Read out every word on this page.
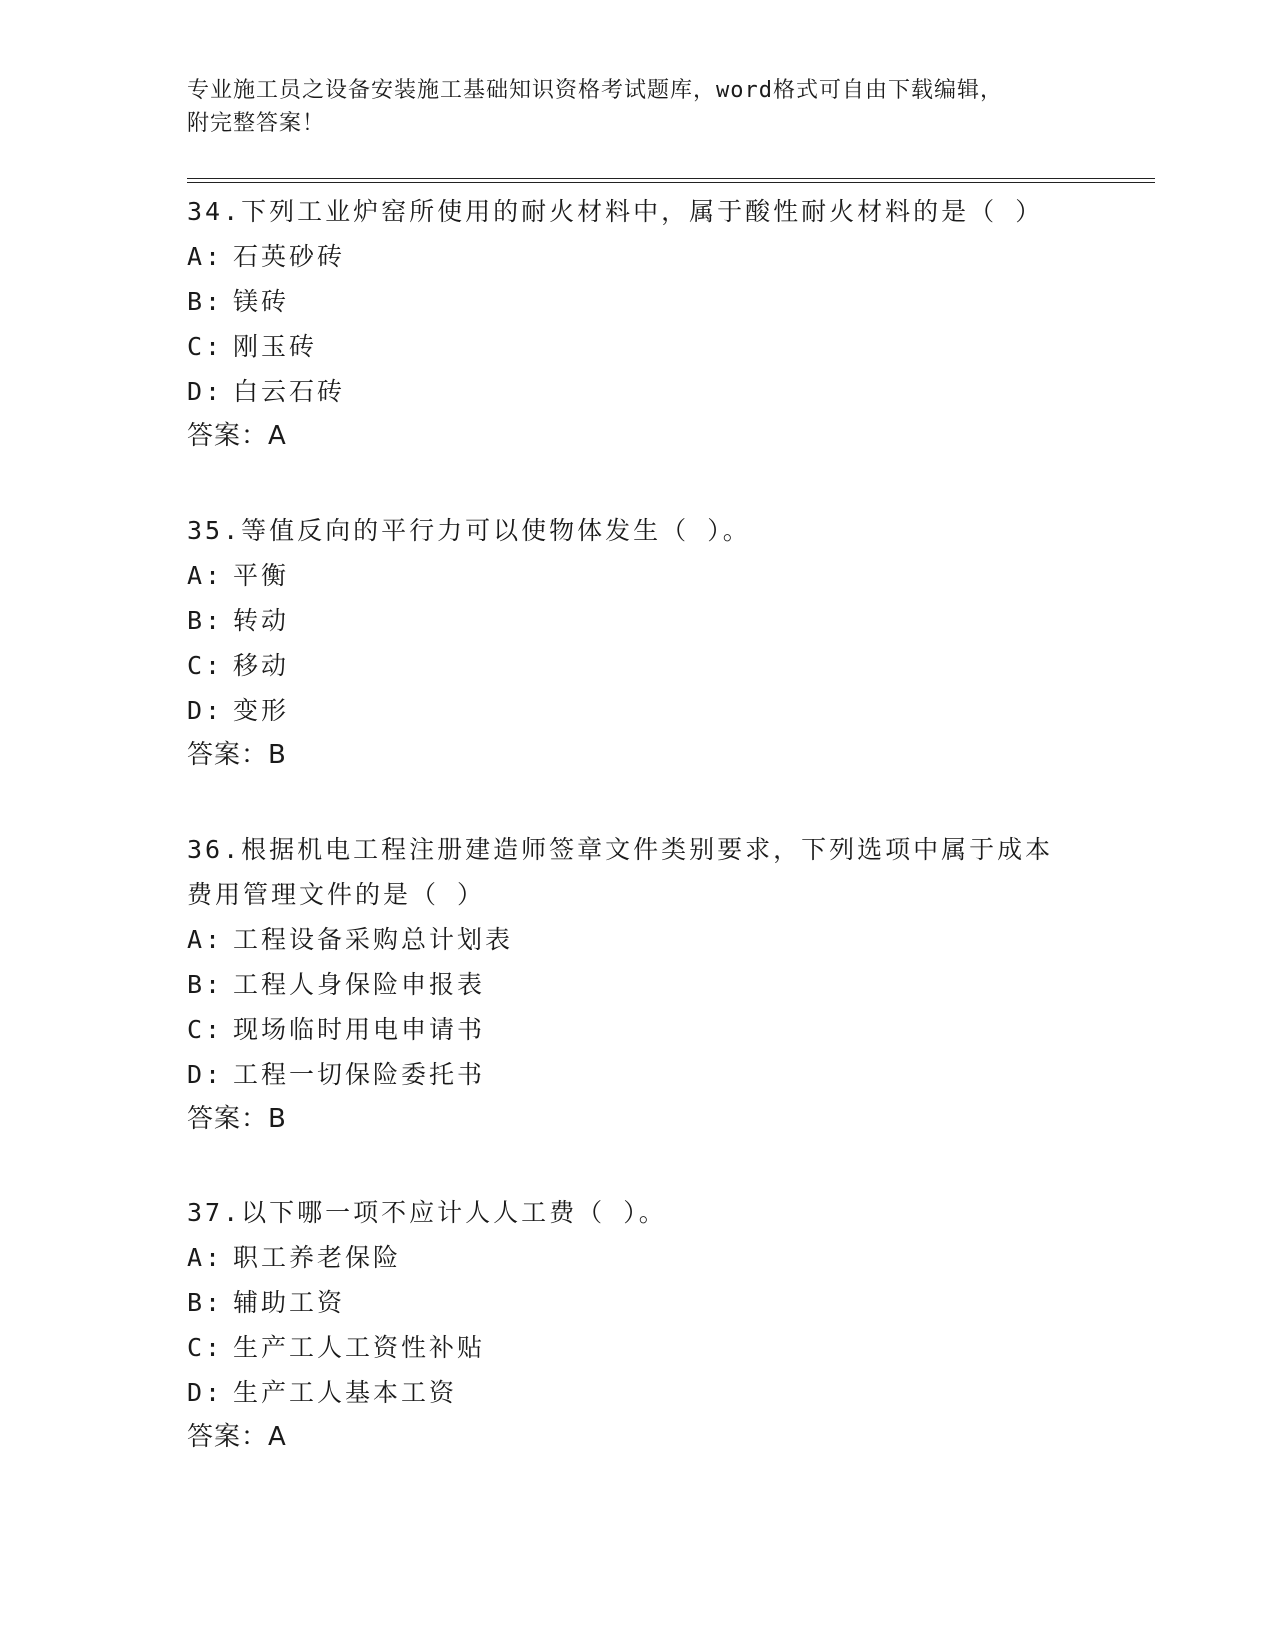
专业施工员之设备安装施工基础知识资格考试题库，word格式可自由下载编辑，
附完整答案！

34.下列工业炉窑所使用的耐火材料中，属于酸性耐火材料的是（ ）

A: 石英砂砖

B: 镁砖

C: 刚玉砖

D: 白云石砖

答案：A

35.等值反向的平行力可以使物体发生（ ）。

A: 平衡

B: 转动

C: 移动

D: 变形

答案：B

36.根据机电工程注册建造师签章文件类别要求，下列选项中属于成本

费用管理文件的是（ ）

A: 工程设备采购总计划表

B: 工程人身保险申报表

C: 现场临时用电申请书

D: 工程一切保险委托书

答案：B

37.以下哪一项不应计人人工费（ ）。

A: 职工养老保险

B: 辅助工资

C: 生产工人工资性补贴

D: 生产工人基本工资

答案：A
